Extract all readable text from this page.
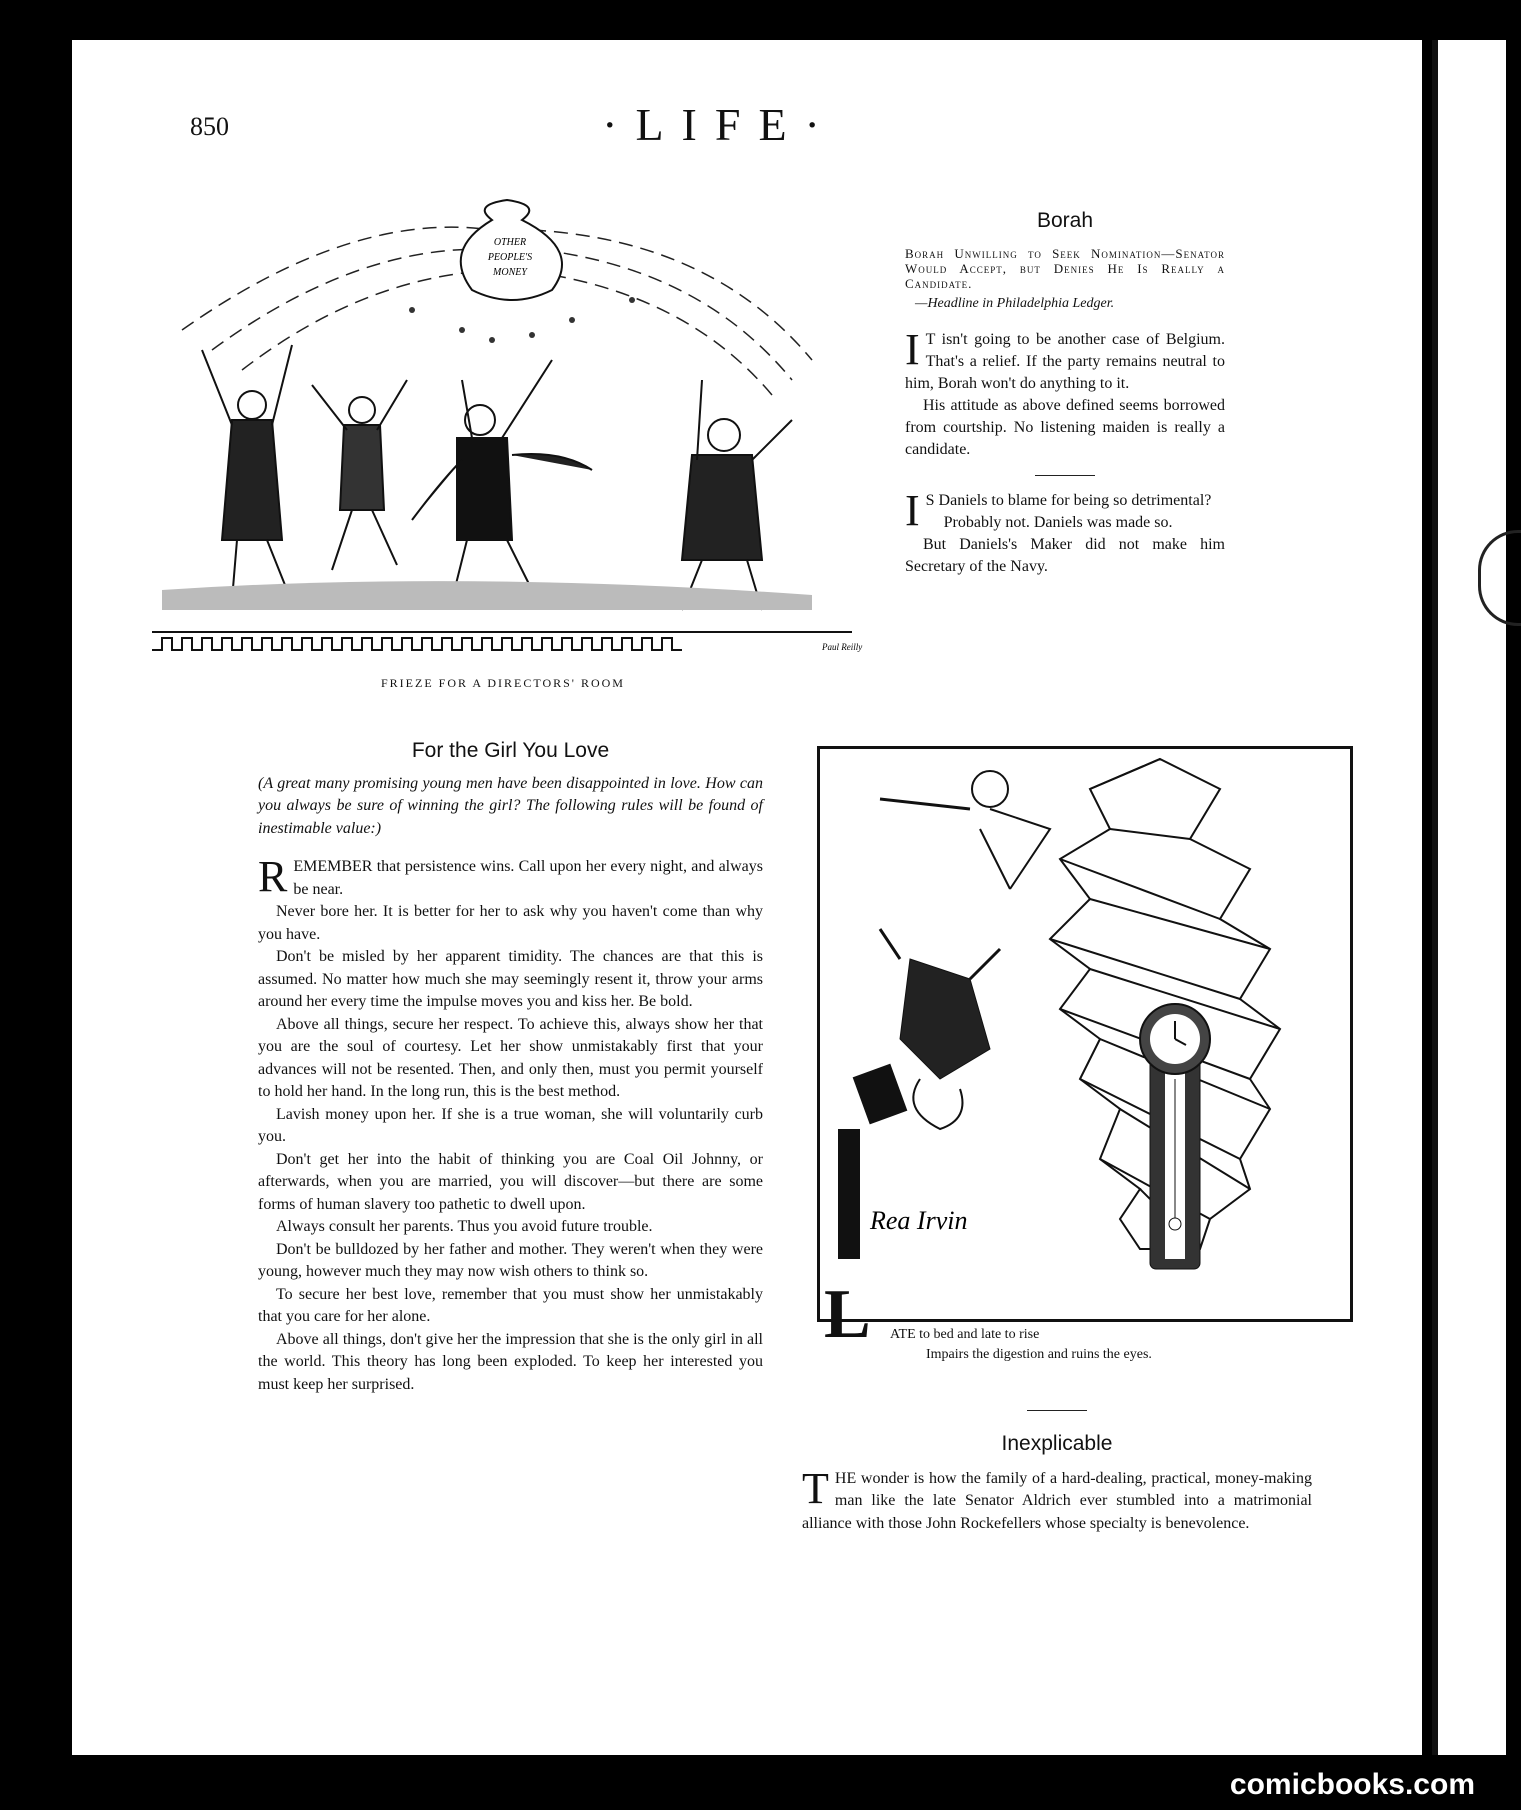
850	·LIFE·
OTHER
PEOPLE'S
MONEY
Paul Reilly
FRIEZE FOR A DIRECTORS' ROOM
Borah
Borah Unwilling to Seek Nomination—Senator Would Accept, but Denies He Is Really a Candidate.
—Headline in Philadelphia Ledger.

I T isn't going to be another case of Belgium. That's a relief. If the party remains neutral to him, Borah won't do anything to it.

His attitude as above defined seems borrowed from courtship. No listening maiden is really a candidate.

I S Daniels to blame for being so detrimental?

Probably not. Daniels was made so.

But Daniels's Maker did not make him Secretary of the Navy.

For the Girl You Love
(A great many promising young men have been disappointed in love. How can you always be sure of winning the girl? The following rules will be found of inestimable value:)

REMEMBER that persistence wins. Call upon her every night, and always be near.

Never bore her. It is better for her to ask why you haven't come than why you have.

Don't be misled by her apparent timidity. The chances are that this is assumed. No matter how much she may seemingly resent it, throw your arms around her every time the impulse moves you and kiss her. Be bold.

Above all things, secure her respect. To achieve this, always show her that you are the soul of courtesy. Let her show unmistakably first that your advances will not be resented. Then, and only then, must you permit yourself to hold her hand. In the long run, this is the best method.

Lavish money upon her. If she is a true woman, she will voluntarily curb you.

Don't get her into the habit of thinking you are Coal Oil Johnny, or afterwards, when you are married, you will discover—but there are some forms of human slavery too pathetic to dwell upon.

Always consult her parents. Thus you avoid future trouble.

Don't be bulldozed by her father and mother. They weren't when they were young, however much they may now wish others to think so.

To secure her best love, remember that you must show her unmistakably that you care for her alone.

Above all things, don't give her the impression that she is the only girl in all the world. This theory has long been exploded. To keep her interested you must keep her surprised.

Rea Irvin
L ATE to bed and late to rise
Impairs the digestion and ruins the eyes.
Inexplicable

THE wonder is how the family of a hard-dealing, practical, money-making man like the late Senator Aldrich ever stumbled into a matrimonial alliance with those John Rockefellers whose specialty is benevolence.

comicbooks.com
